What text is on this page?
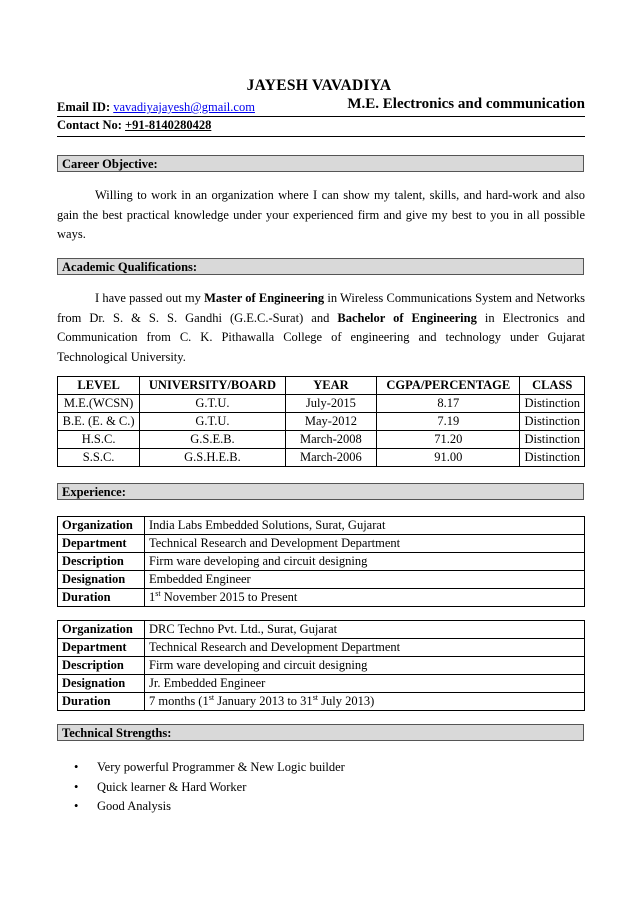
JAYESH VAVADIYA
Email ID: vavadiyajayesh@gmail.com	M.E. Electronics and communication
Contact No: +91-8140280428
Career Objective:
Willing to work in an organization where I can show my talent, skills, and hard-work and also gain the best practical knowledge under your experienced firm and give my best to you in all possible ways.
Academic Qualifications:
I have passed out my Master of Engineering in Wireless Communications System and Networks from Dr. S. & S. S. Gandhi (G.E.C.-Surat) and Bachelor of Engineering in Electronics and Communication from C. K. Pithawalla College of engineering and technology under Gujarat Technological University.
LEVEL	UNIVERSITY/BOARD	YEAR	CGPA/PERCENTAGE	CLASS
M.E.(WCSN)	G.T.U.	July-2015	8.17	Distinction
B.E. (E. & C.)	G.T.U.	May-2012	7.19	Distinction
H.S.C.	G.S.E.B.	March-2008	71.20	Distinction
S.S.C.	G.S.H.E.B.	March-2006	91.00	Distinction
Experience:
Organization	India Labs Embedded Solutions, Surat, Gujarat
Department	Technical Research and Development Department
Description	Firm ware developing and circuit designing
Designation	Embedded Engineer
Duration	1st November 2015 to Present
Organization	DRC Techno Pvt. Ltd., Surat, Gujarat
Department	Technical Research and Development Department
Description	Firm ware developing and circuit designing
Designation	Jr. Embedded Engineer
Duration	7 months (1st January 2013 to 31st July 2013)
Technical Strengths:
• Very powerful Programmer & New Logic builder
• Quick learner & Hard Worker
• Good Analysis
